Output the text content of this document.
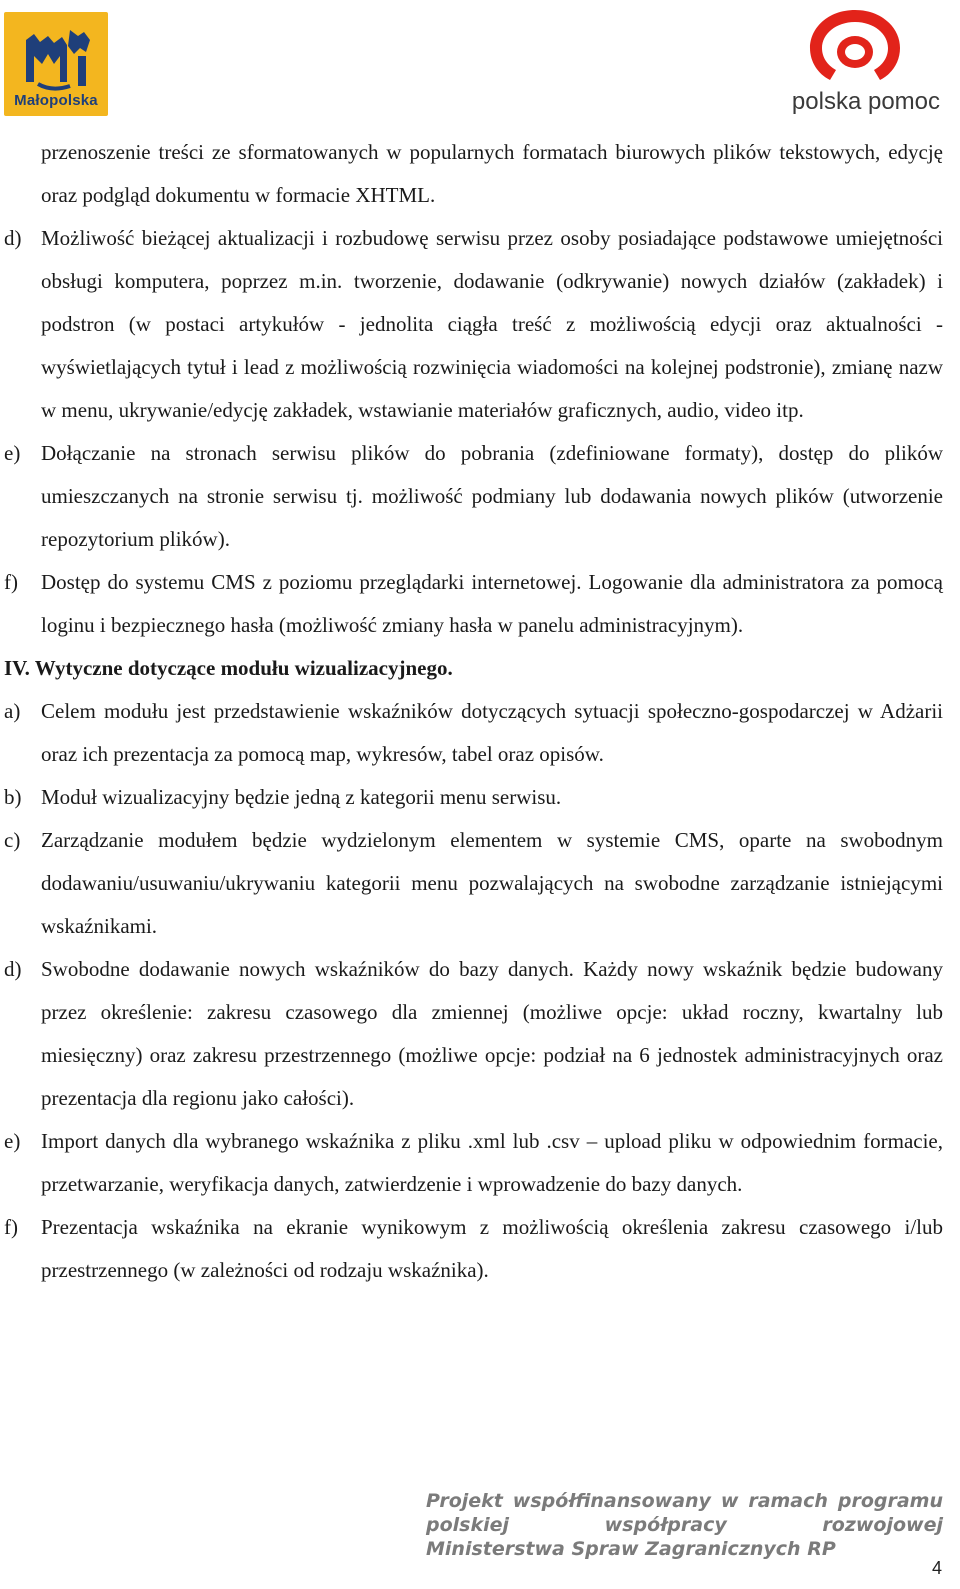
Małopolska	polska pomoc

przenoszenie treści ze sformatowanych w popularnych formatach biurowych plików tekstowych, edycję oraz podgląd dokumentu w formacie XHTML.

d) Możliwość bieżącej aktualizacji i rozbudowę serwisu przez osoby posiadające podstawowe umiejętności obsługi komputera, poprzez m.in. tworzenie, dodawanie (odkrywanie) nowych działów (zakładek) i podstron (w postaci artykułów - jednolita ciągła treść z możliwością edycji oraz aktualności - wyświetlających tytuł i lead z możliwością rozwinięcia wiadomości na kolejnej podstronie), zmianę nazw w menu, ukrywanie/edycję zakładek, wstawianie materiałów graficznych, audio, video itp.
e) Dołączanie na stronach serwisu plików do pobrania (zdefiniowane formaty), dostęp do plików umieszczanych na stronie serwisu tj. możliwość podmiany lub dodawania nowych plików (utworzenie repozytorium plików).
f) Dostęp do systemu CMS z poziomu przeglądarki internetowej. Logowanie dla administratora za pomocą loginu i bezpiecznego hasła (możliwość zmiany hasła w panelu administracyjnym).

IV. Wytyczne dotyczące modułu wizualizacyjnego.

a) Celem modułu jest przedstawienie wskaźników dotyczących sytuacji społeczno-gospodarczej w Adżarii oraz ich prezentacja za pomocą map, wykresów, tabel oraz opisów.
b) Moduł wizualizacyjny będzie jedną z kategorii menu serwisu.
c) Zarządzanie modułem będzie wydzielonym elementem w systemie CMS, oparte na swobodnym dodawaniu/usuwaniu/ukrywaniu kategorii menu pozwalających na swobodne zarządzanie istniejącymi wskaźnikami.
d) Swobodne dodawanie nowych wskaźników do bazy danych. Każdy nowy wskaźnik będzie budowany przez określenie: zakresu czasowego dla zmiennej (możliwe opcje: układ roczny, kwartalny lub miesięczny) oraz zakresu przestrzennego (możliwe opcje: podział na 6 jednostek administracyjnych oraz prezentacja dla regionu jako całości).
e) Import danych dla wybranego wskaźnika z pliku .xml lub .csv – upload pliku w odpowiednim formacie, przetwarzanie, weryfikacja danych, zatwierdzenie i wprowadzenie do bazy danych.
f) Prezentacja wskaźnika na ekranie wynikowym z możliwością określenia zakresu czasowego i/lub przestrzennego (w zależności od rodzaju wskaźnika).
Projekt współfinansowany w ramach programu polskiej współpracy rozwojowej
Ministerstwa Spraw Zagranicznych RP
4
